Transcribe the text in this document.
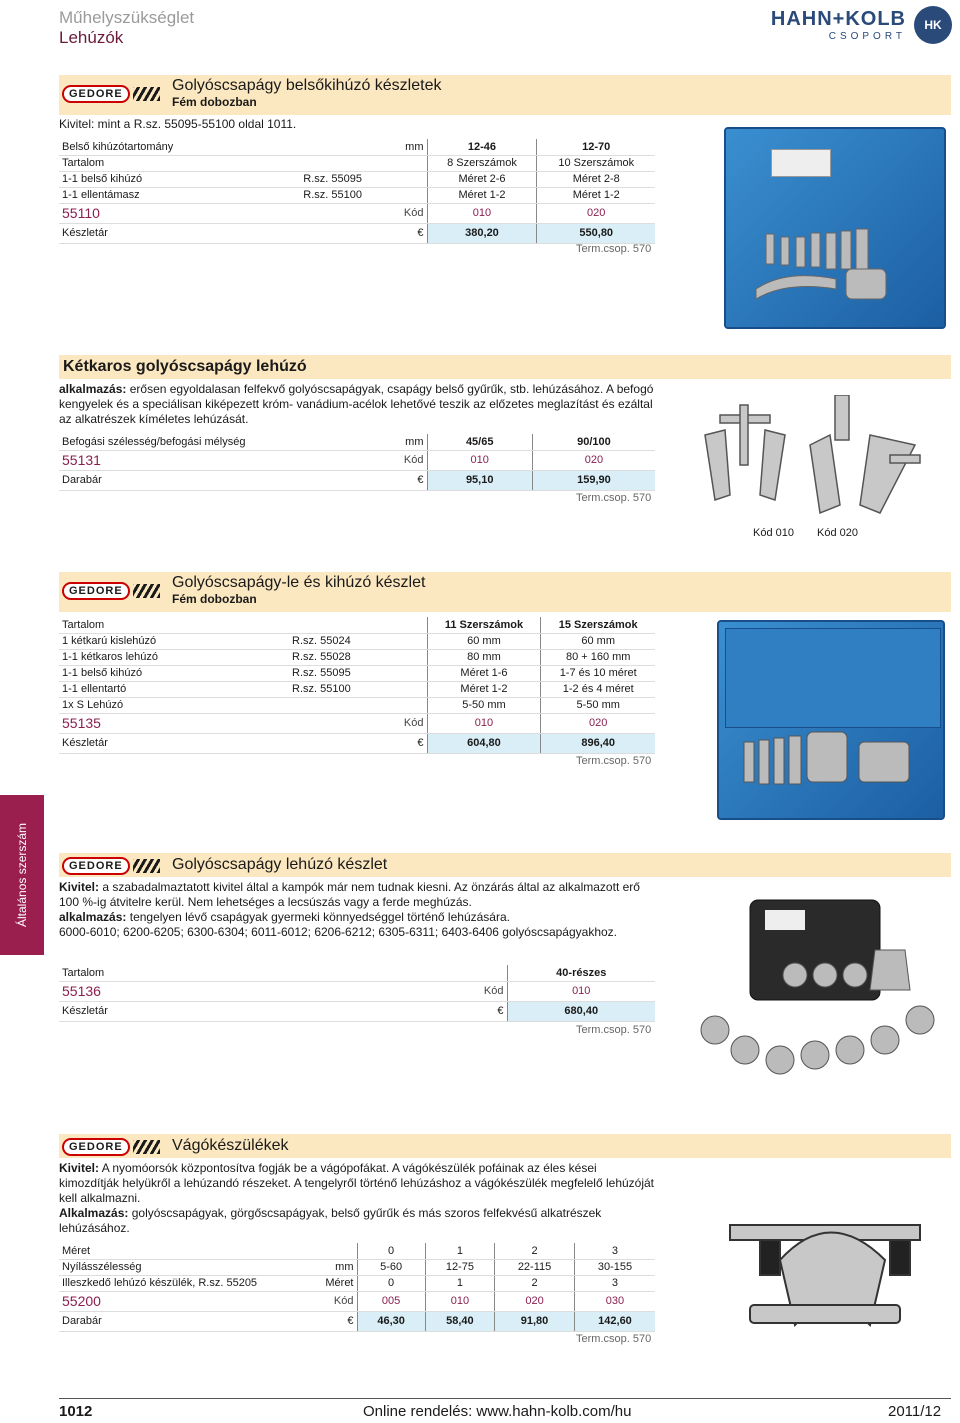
Műhelyszükséglet
Lehúzók
HAHN+KOLB
CSOPORT
HK
GEDORE	Golyóscsapágy belsőkihúzó készletek
Fém dobozban
Kivitel: mint a R.sz. 55095-55100 oldal 1011.
Belső kihúzótartomány		mm	12-46	12-70
Tartalom			8 Szerszámok	10 Szerszámok
1-1 belső kihúzó	R.sz. 55095		Méret 2-6	Méret 2-8
1-1 ellentámasz	R.sz. 55100		Méret 1-2	Méret 1-2
55110		Kód	010	020
Készletár		€	380,20	550,80
Term.csop. 570
Kétkaros golyóscsapágy lehúzó
alkalmazás: erősen egyoldalasan felfekvő golyóscsapágyak, csapágy belső gyűrűk, stb. lehúzásához. A befogó kengyelek és a speciálisan kiképezett króm- vanádium-acélok lehetővé teszik az előzetes meglazítást és ezáltal az alkatrészek kíméletes lehúzását.
Befogási szélesség/befogási mélység	mm	45/65	90/100
55131	Kód	010	020
Darabár	€	95,10	159,90
Term.csop. 570
Kód 010 Kód 020
GEDORE	Golyóscsapágy-le és kihúzó készlet
Fém dobozban
Tartalom		11 Szerszámok	15 Szerszámok
1 kétkarú kislehúzó	R.sz. 55024	60 mm	60 mm
1-1 kétkaros lehúzó	R.sz. 55028	80 mm	80 + 160 mm
1-1 belső kihúzó	R.sz. 55095	Méret 1-6	1-7 és 10 méret
1-1 ellentartó	R.sz. 55100	Méret 1-2	1-2 és 4 méret
1x S Lehúzó		5-50 mm	5-50 mm
55135	Kód	010	020
Készletár	€	604,80	896,40
Term.csop. 570
Általános szerszám	GEDORE	Golyóscsapágy lehúzó készlet
Kivitel: a szabadalmaztatott kivitel által a kampók már nem tudnak kiesni. Az önzárás által az alkalmazott erő 100 %-ig átvitelre kerül. Nem lehetséges a lecsúszás vagy a ferde meghúzás.
alkalmazás: tengelyen lévő csapágyak gyermeki könnyedséggel történő lehúzására.
6000-6010; 6200-6205; 6300-6304; 6011-6012; 6206-6212; 6305-6311; 6403-6406 golyóscsapágyakhoz.
Tartalom		40-részes
55136	Kód	010
Készletár	€	680,40
Term.csop. 570
GEDORE	Vágókészülékek
Kivitel: A nyomóorsók központosítva fogják be a vágópofákat. A vágókészülék pofáinak az éles kései kimozdítják helyükről a lehúzandó részeket. A tengelyről történő lehúzáshoz a vágókészülék megfelelő lehúzóját kell alkalmazni.
Alkalmazás: golyóscsapágyak, görgőscsapágyak, belső gyűrűk és más szoros felfekvésű alkatrészek lehúzásához.
Méret		0	1	2	3
Nyílásszélesség	mm	5-60	12-75	22-115	30-155
Illeszkedő lehúzó készülék, R.sz. 55205	Méret	0	1	2	3
55200	Kód	005	010	020	030
Darabár	€	46,30	58,40	91,80	142,60
Term.csop. 570
1012	Online rendelés: www.hahn-kolb.com/hu	2011/12
